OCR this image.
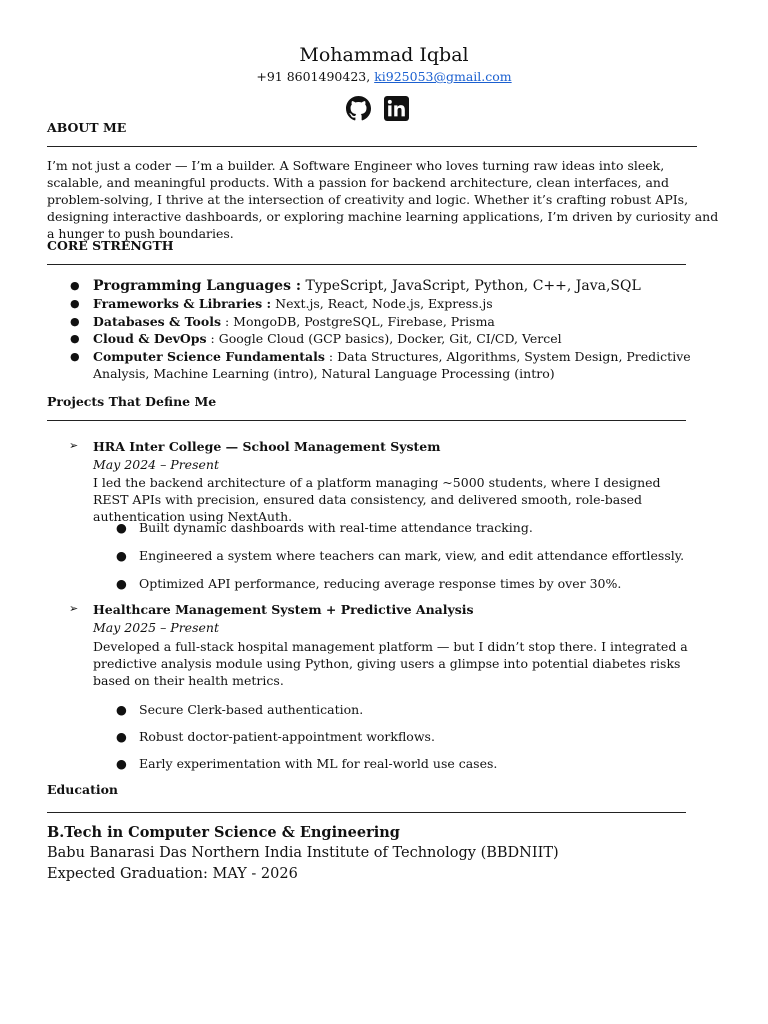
Mohammad Iqbal
+91 8601490423, ki925053@gmail.com
ABOUT ME
I’m not just a coder — I’m a builder. A Software Engineer who loves turning raw ideas into sleek, scalable, and meaningful products. With a passion for backend architecture, clean interfaces, and problem-solving, I thrive at the intersection of creativity and logic. Whether it’s crafting robust APIs, designing interactive dashboards, or exploring machine learning applications, I’m driven by curiosity and a hunger to push boundaries.
CORE STRENGTH
● Programming Languages : TypeScript, JavaScript, Python, C++, Java,SQL
● Frameworks & Libraries : Next.js, React, Node.js, Express.js
● Databases & Tools : MongoDB, PostgreSQL, Firebase, Prisma
● Cloud & DevOps : Google Cloud (GCP basics), Docker, Git, CI/CD, Vercel
● Computer Science Fundamentals : Data Structures, Algorithms, System Design, Predictive Analysis, Machine Learning (intro), Natural Language Processing (intro)
Projects That Define Me
➢ HRA Inter College — School Management System
May 2024 – Present
I led the backend architecture of a platform managing ~5000 students, where I designed REST APIs with precision, ensured data consistency, and delivered smooth, role-based authentication using NextAuth.
● Built dynamic dashboards with real-time attendance tracking.
● Engineered a system where teachers can mark, view, and edit attendance effortlessly.
● Optimized API performance, reducing average response times by over 30%.
➢ Healthcare Management System + Predictive Analysis
May 2025 – Present
Developed a full-stack hospital management platform — but I didn’t stop there. I integrated a predictive analysis module using Python, giving users a glimpse into potential diabetes risks based on their health metrics.
● Secure Clerk-based authentication.
● Robust doctor-patient-appointment workflows.
● Early experimentation with ML for real-world use cases.
Education
B.Tech in Computer Science & Engineering
Babu Banarasi Das Northern India Institute of Technology (BBDNIIT)
Expected Graduation: MAY - 2026
